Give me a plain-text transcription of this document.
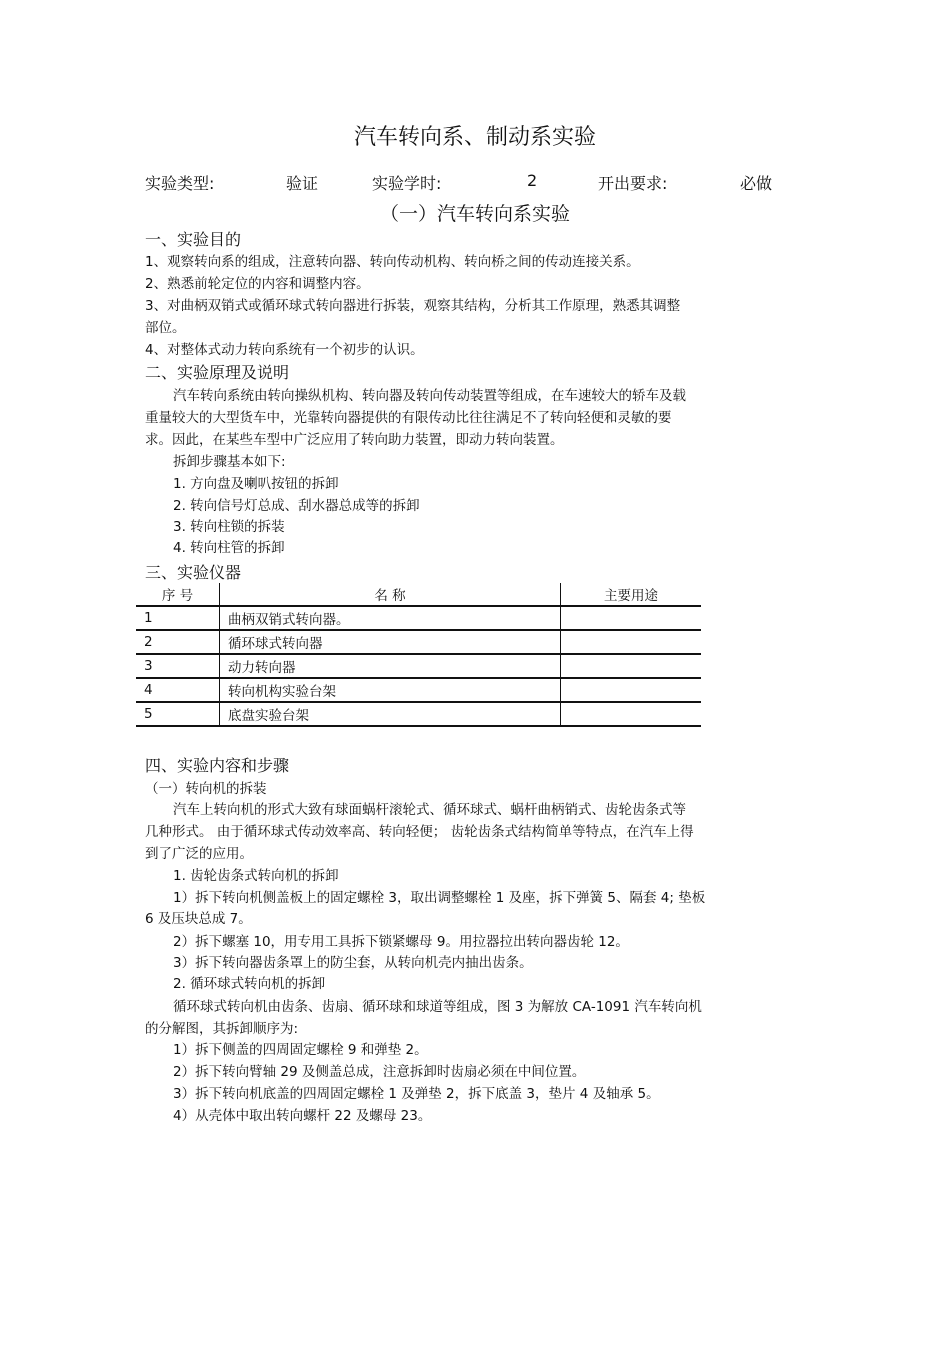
汽车转向系、制动系实验
实验类型:	验证	实验学时:	2	开出要求:	必做
（一）汽车转向系实验
一、实验目的
1、观察转向系的组成，注意转向器、转向传动机构、转向桥之间的传动连接关系。
2、熟悉前轮定位的内容和调整内容。
3、对曲柄双销式或循环球式转向器进行拆装，观察其结构，分析其工作原理，熟悉其调整
部位。
4、对整体式动力转向系统有一个初步的认识。
二、实验原理及说明
汽车转向系统由转向操纵机构、转向器及转向传动装置等组成，在车速较大的轿车及载
重量较大的大型货车中，光靠转向器提供的有限传动比往往满足不了转向轻便和灵敏的要
求。因此，在某些车型中广泛应用了转向助力装置，即动力转向装置。
拆卸步骤基本如下:
1. 方向盘及喇叭按钮的拆卸
2. 转向信号灯总成、刮水器总成等的拆卸
3. 转向柱锁的拆装
4. 转向柱管的拆卸
三、实验仪器
序 号	名 称	主要用途
1	曲柄双销式转向器。	
2	循环球式转向器	
3	动力转向器	
4	转向机构实验台架	
5	底盘实验台架	
四、实验内容和步骤
（一）转向机的拆装
汽车上转向机的形式大致有球面蜗杆滚轮式、循环球式、蜗杆曲柄销式、齿轮齿条式等
几种形式。 由于循环球式传动效率高、转向轻便； 齿轮齿条式结构简单等特点，在汽车上得
到了广泛的应用。
1. 齿轮齿条式转向机的拆卸
1）拆下转向机侧盖板上的固定螺栓 3，取出调整螺栓 1 及座，拆下弹簧 5、隔套 4; 垫板
6 及压块总成 7。
2）拆下螺塞 10，用专用工具拆下锁紧螺母 9。用拉器拉出转向器齿轮 12。
3）拆下转向器齿条罩上的防尘套，从转向机壳内抽出齿条。
2. 循环球式转向机的拆卸
循环球式转向机由齿条、齿扇、循环球和球道等组成，图 3 为解放 CA-1091 汽车转向机
的分解图，其拆卸顺序为:
1）拆下侧盖的四周固定螺栓 9 和弹垫 2。
2）拆下转向臂轴 29 及侧盖总成，注意拆卸时齿扇必须在中间位置。
3）拆下转向机底盖的四周固定螺栓 1 及弹垫 2，拆下底盖 3，垫片 4 及轴承 5。
4）从壳体中取出转向螺杆 22 及螺母 23。
